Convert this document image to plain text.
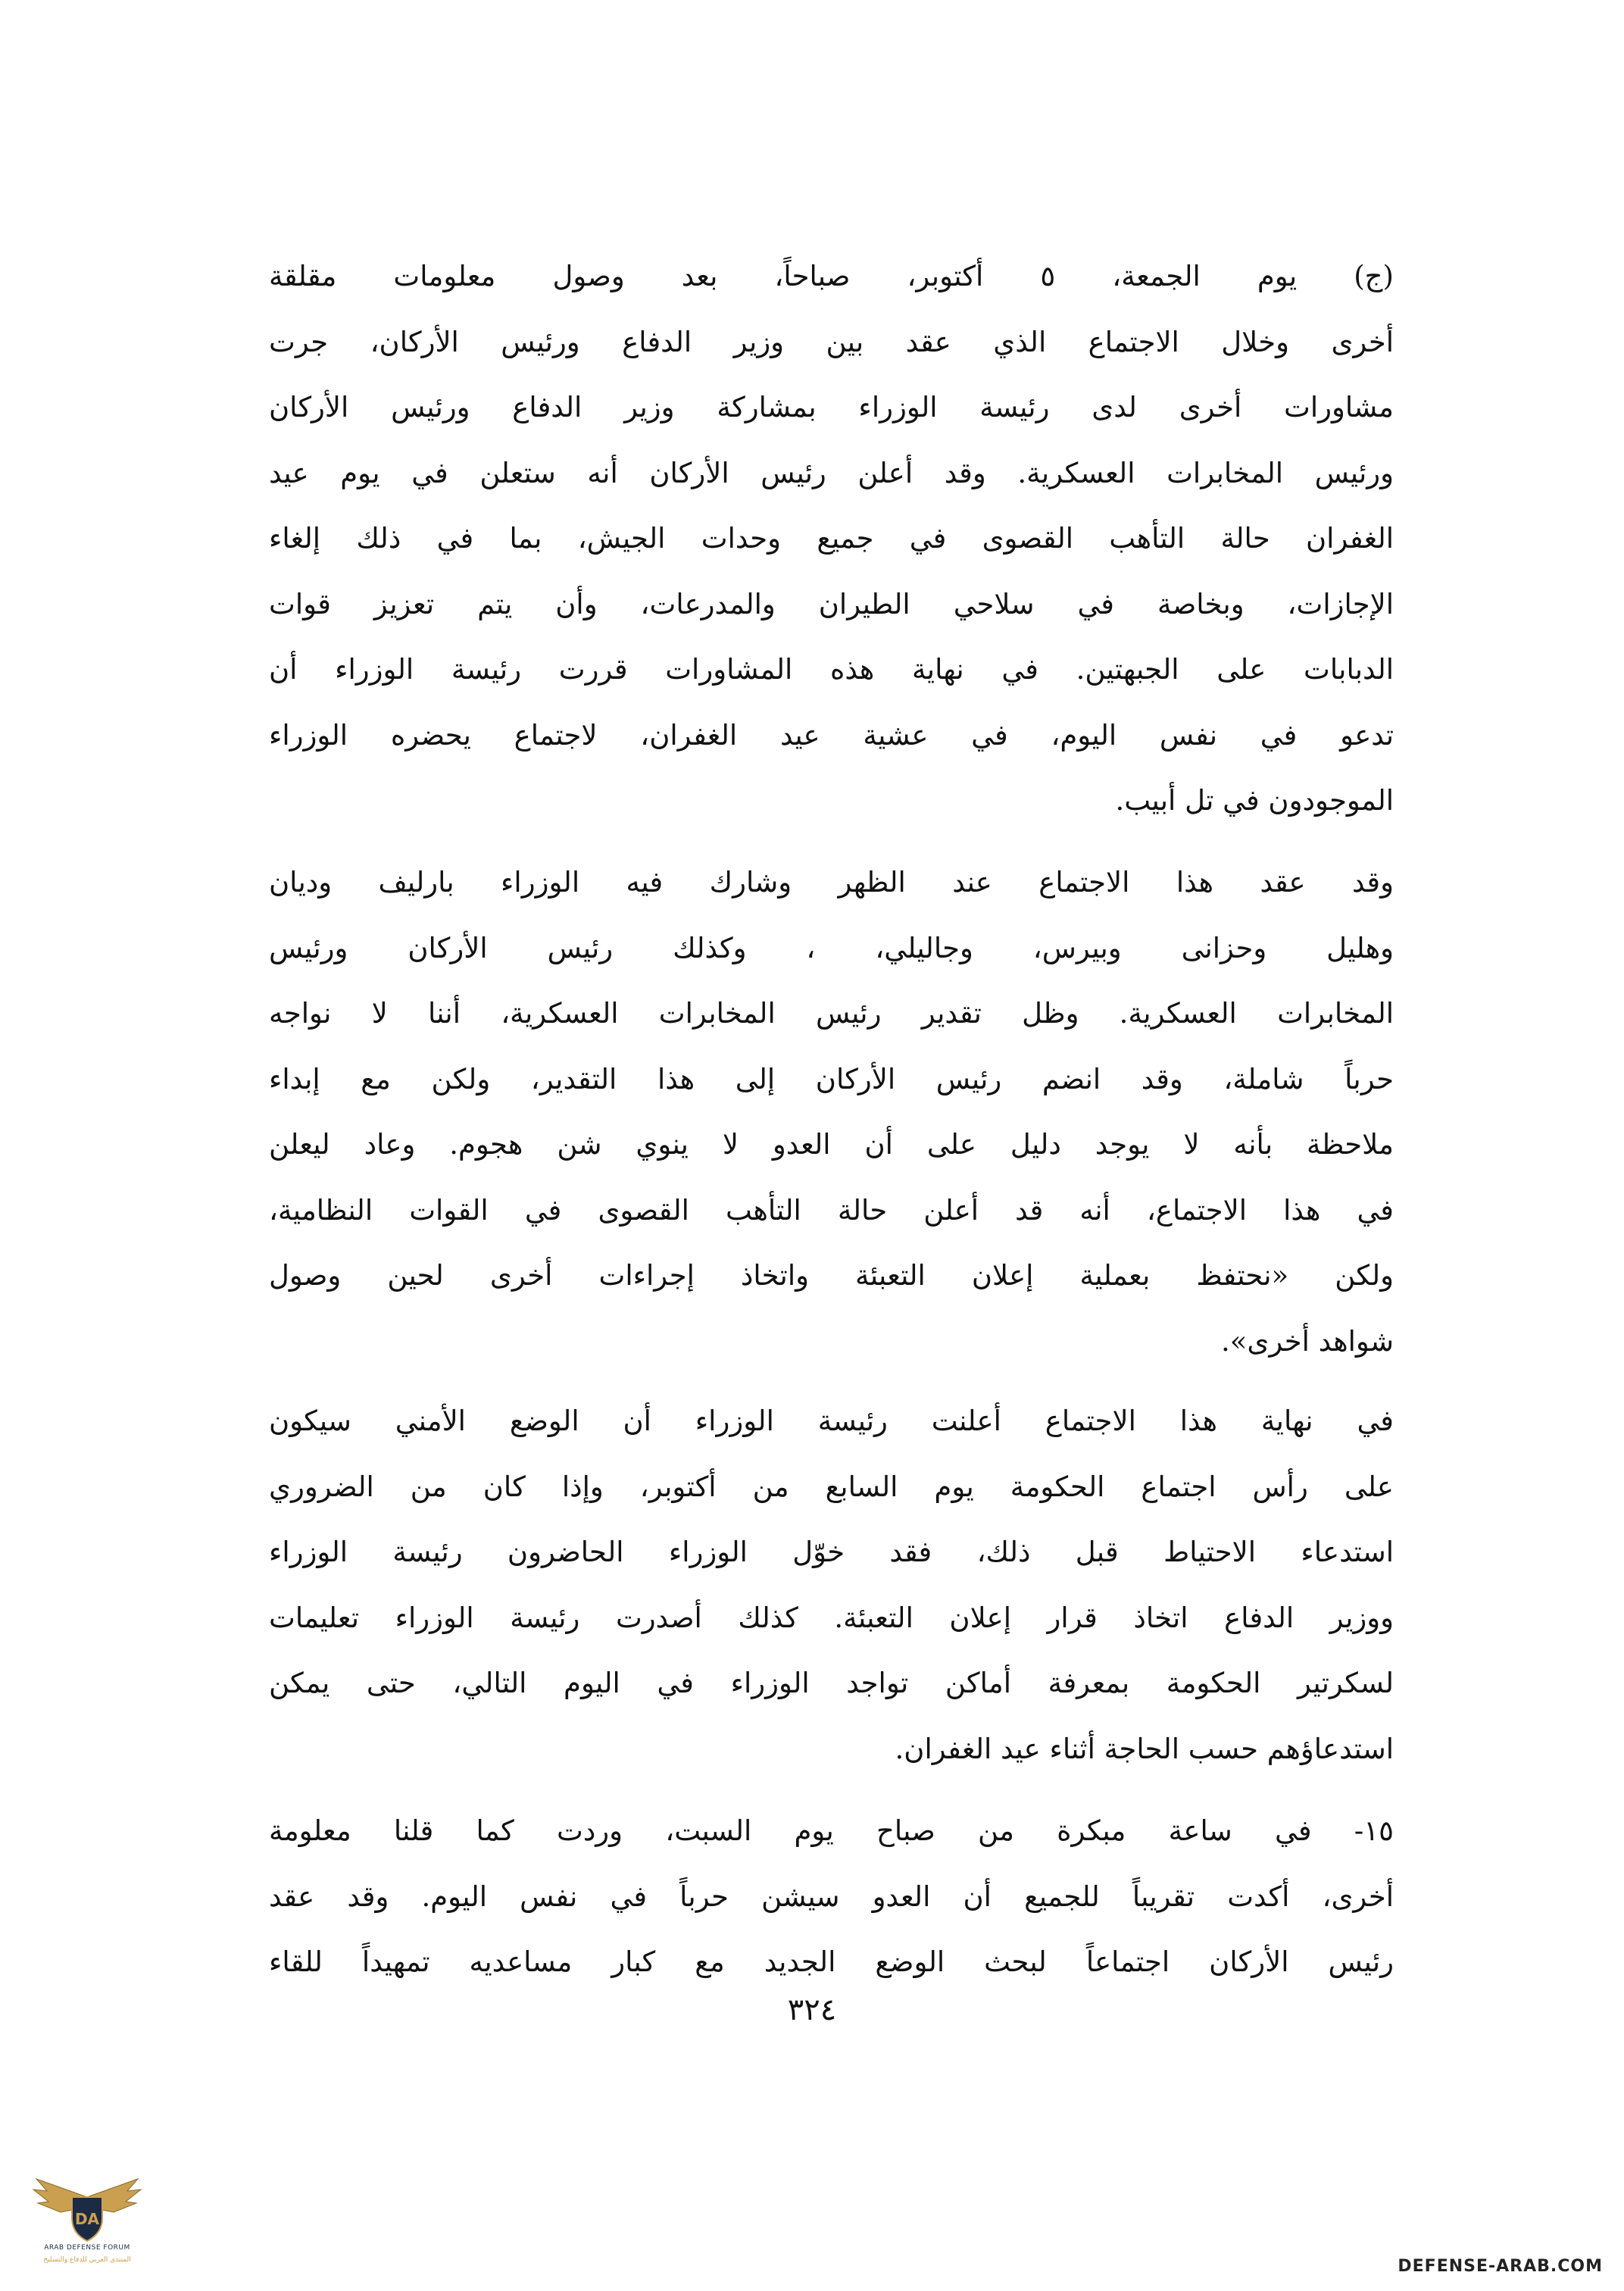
(ج) يوم الجمعة، ٥ أكتوبر، صباحاً، بعد وصول معلومات مقلقة
أخرى وخلال الاجتماع الذي عقد بين وزير الدفاع ورئيس الأركان، جرت
مشاورات أخرى لدى رئيسة الوزراء بمشاركة وزير الدفاع ورئيس الأركان
ورئيس المخابرات العسكرية. وقد أعلن رئيس الأركان أنه ستعلن في يوم عيد
الغفران حالة التأهب القصوى في جميع وحدات الجيش، بما في ذلك إلغاء
الإجازات، وبخاصة في سلاحي الطيران والمدرعات، وأن يتم تعزيز قوات
الدبابات على الجبهتين. في نهاية هذه المشاورات قررت رئيسة الوزراء أن
تدعو في نفس اليوم، في عشية عيد الغفران، لاجتماع يحضره الوزراء
الموجودون في تل أبيب.
وقد عقد هذا الاجتماع عند الظهر وشارك فيه الوزراء بارليف وديان
وهليل وحزانى وبيرس، وجاليلي، ، وكذلك رئيس الأركان ورئيس
المخابرات العسكرية. وظل تقدير رئيس المخابرات العسكرية، أننا لا نواجه
حرباً شاملة، وقد انضم رئيس الأركان إلى هذا التقدير، ولكن مع إبداء
ملاحظة بأنه لا يوجد دليل على أن العدو لا ينوي شن هجوم. وعاد ليعلن
في هذا الاجتماع، أنه قد أعلن حالة التأهب القصوى في القوات النظامية،
ولكن «نحتفظ بعملية إعلان التعبئة واتخاذ إجراءات أخرى لحين وصول
شواهد أخرى».
في نهاية هذا الاجتماع أعلنت رئيسة الوزراء أن الوضع الأمني سيكون
على رأس اجتماع الحكومة يوم السابع من أكتوبر، وإذا كان من الضروري
استدعاء الاحتياط قبل ذلك، فقد خوّل الوزراء الحاضرون رئيسة الوزراء
ووزير الدفاع اتخاذ قرار إعلان التعبئة. كذلك أصدرت رئيسة الوزراء تعليمات
لسكرتير الحكومة بمعرفة أماكن تواجد الوزراء في اليوم التالي، حتى يمكن
استدعاؤهم حسب الحاجة أثناء عيد الغفران.
١٥- في ساعة مبكرة من صباح يوم السبت، وردت كما قلنا معلومة
أخرى، أكدت تقريباً للجميع أن العدو سيشن حرباً في نفس اليوم. وقد عقد
رئيس الأركان اجتماعاً لبحث الوضع الجديد مع كبار مساعديه تمهيداً للقاء
٣٢٤
DA
ARAB DEFENSE FORUM
المنتدى العربي للدفاع والتسليح	DEFENSE-ARAB.COM
